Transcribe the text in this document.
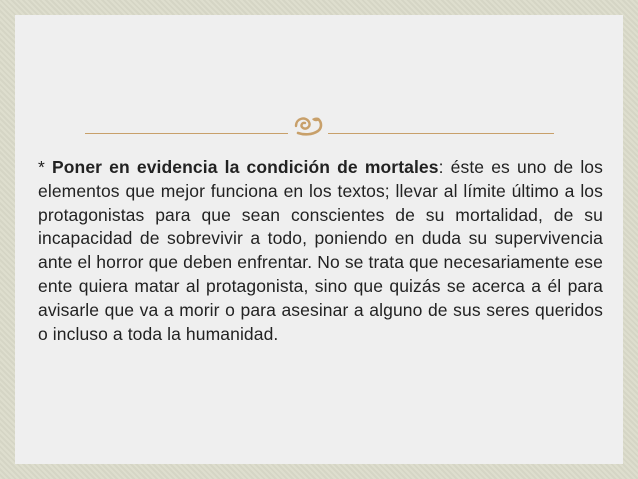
* Poner en evidencia la condición de mortales: éste es uno de los elementos que mejor funciona en los textos; llevar al límite último a los protagonistas para que sean conscientes de su mortalidad, de su incapacidad de sobrevivir a todo, poniendo en duda su supervivencia ante el horror que deben enfrentar. No se trata que necesariamente ese ente quiera matar al protagonista, sino que quizás se acerca a él para avisarle que va a morir o para asesinar a alguno de sus seres queridos o incluso a toda la humanidad.
